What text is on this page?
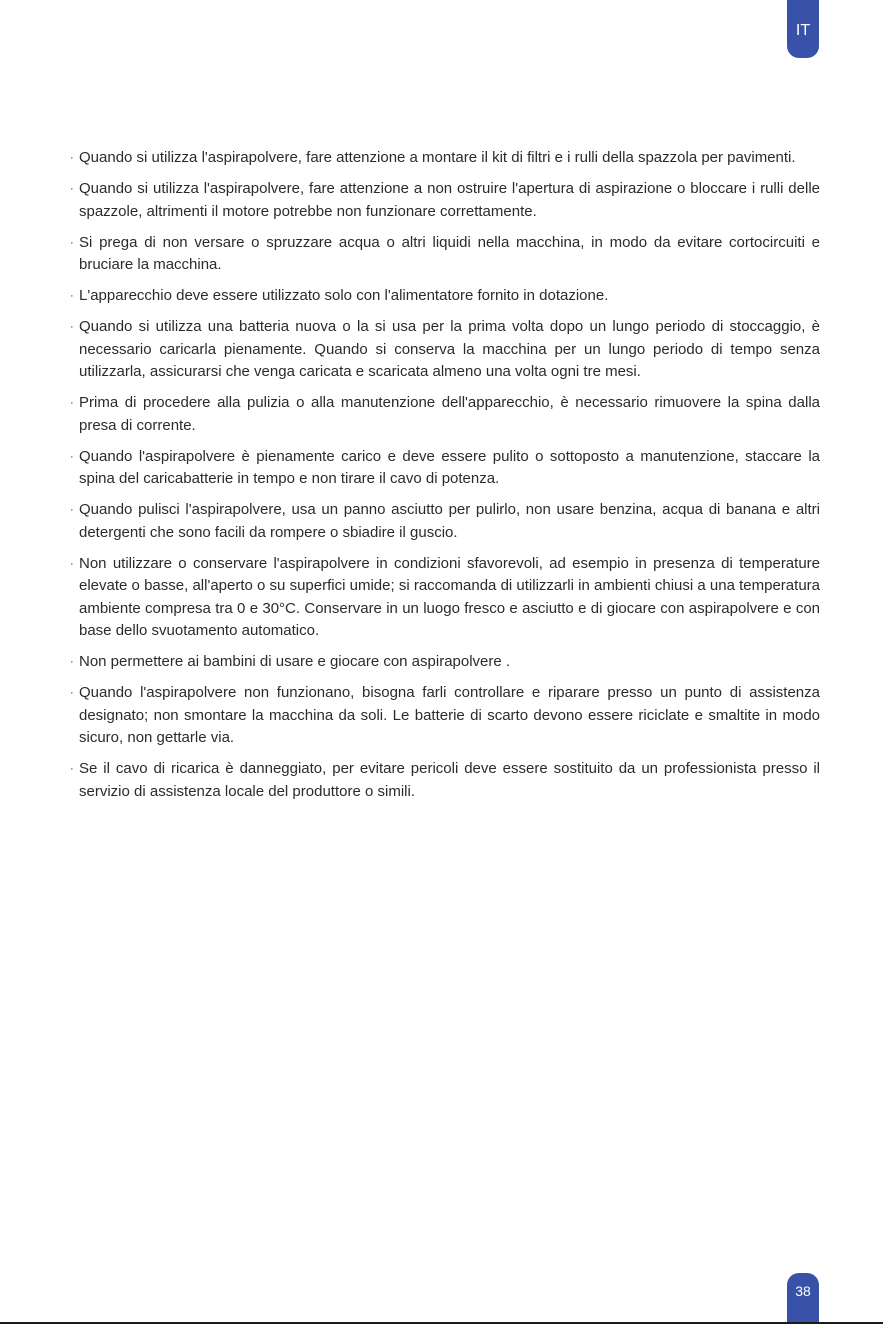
IT
· Quando si utilizza l'aspirapolvere, fare attenzione a montare il kit di filtri e i rulli della spazzola per pavimenti.
· Quando si utilizza l'aspirapolvere, fare attenzione a non ostruire l'apertura di aspirazione o bloccare i rulli delle spazzole, altrimenti il motore potrebbe non funzionare correttamente.
· Si prega di non versare o spruzzare acqua o altri liquidi nella macchina, in modo da evitare cortocircuiti e bruciare la macchina.
· L'apparecchio deve essere utilizzato solo con l'alimentatore fornito in dotazione.
· Quando si utilizza una batteria nuova o la si usa per la prima volta dopo un lungo periodo di stoccaggio, è necessario caricarla pienamente. Quando si conserva la macchina per un lungo periodo di tempo senza utilizzarla, assicurarsi che venga caricata e scaricata almeno una volta ogni tre mesi.
· Prima di procedere alla pulizia o alla manutenzione dell'apparecchio, è necessario rimuovere la spina dalla presa di corrente.
· Quando l'aspirapolvere è pienamente carico e deve essere pulito o sottoposto a manutenzione, staccare la spina del caricabatterie in tempo e non tirare il cavo di potenza.
· Quando pulisci l'aspirapolvere, usa un panno asciutto per pulirlo, non usare benzina, acqua di banana e altri detergenti che sono facili da rompere o sbiadire il guscio.
· Non utilizzare o conservare l'aspirapolvere in condizioni sfavorevoli, ad esempio in presenza di temperature elevate o basse, all'aperto o su superfici umide; si raccomanda di utilizzarli in ambienti chiusi a una temperatura ambiente compresa tra 0 e 30°C. Conservare in un luogo fresco e asciutto e di giocare con aspirapolvere e con base dello svuotamento automatico.
· Non permettere ai bambini di usare e giocare con aspirapolvere .
· Quando l'aspirapolvere non funzionano, bisogna farli controllare e riparare presso un punto di assistenza designato; non smontare la macchina da soli. Le batterie di scarto devono essere riciclate e smaltite in modo sicuro, non gettarle via.
· Se il cavo di ricarica è danneggiato, per evitare pericoli deve essere sostituito da un professionista presso il servizio di assistenza locale del produttore o simili.
38
